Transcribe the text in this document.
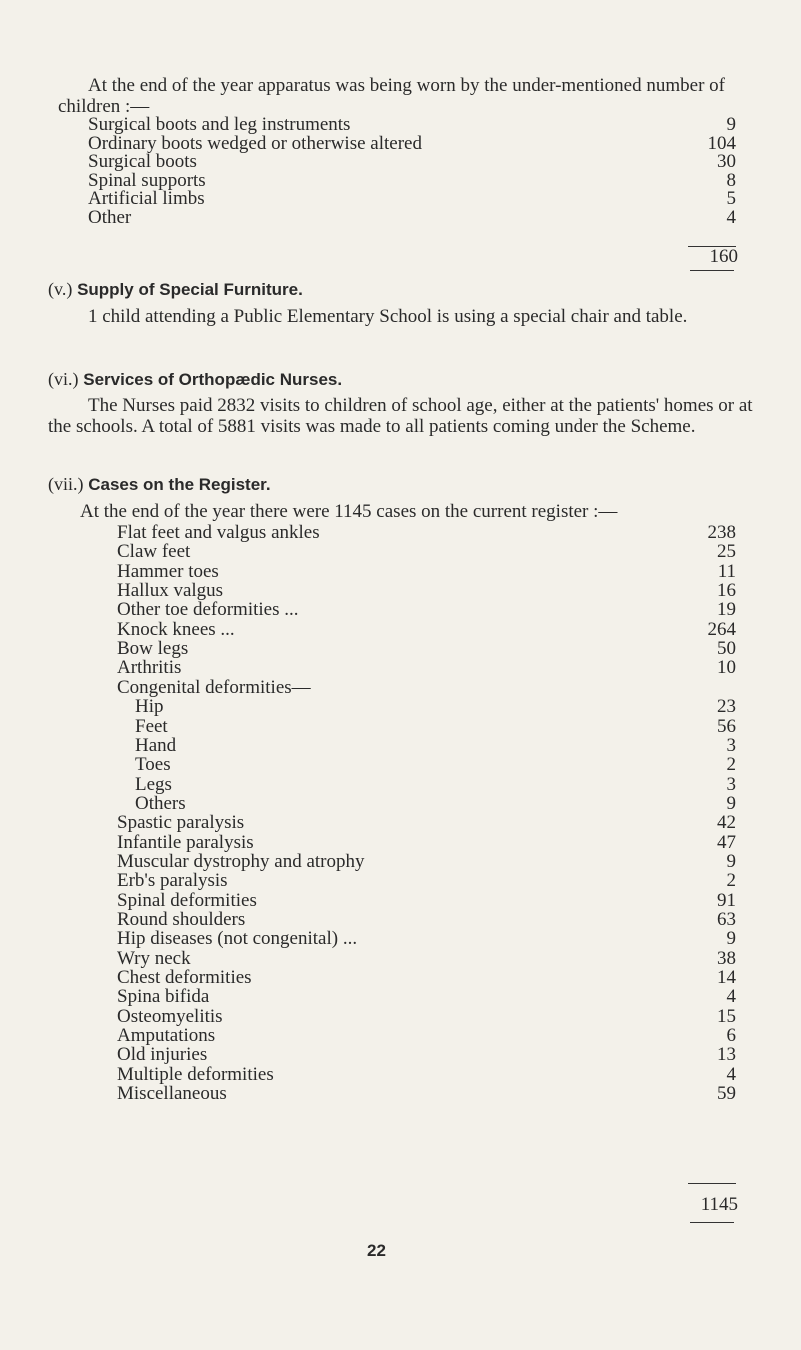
At the end of the year apparatus was being worn by the under-mentioned number of children :—
Surgical boots and leg instruments	9
Ordinary boots wedged or otherwise altered	104
Surgical boots	30
Spinal supports	8
Artificial limbs	5
Other	4
160
(v.) Supply of Special Furniture.
1 child attending a Public Elementary School is using a special chair and table.
(vi.) Services of Orthopædic Nurses.
The Nurses paid 2832 visits to children of school age, either at the patients' homes or at the schools. A total of 5881 visits was made to all patients coming under the Scheme.
(vii.) Cases on the Register.
At the end of the year there were 1145 cases on the current register :—
Flat feet and valgus ankles	238
Claw feet	25
Hammer toes	11
Hallux valgus	16
Other toe deformities ...	19
Knock knees ...	264
Bow legs	50
Arthritis	10
Congenital deformities—
Hip	23
Feet	56
Hand	3
Toes	2
Legs	3
Others	9
Spastic paralysis	42
Infantile paralysis	47
Muscular dystrophy and atrophy	9
Erb's paralysis	2
Spinal deformities	91
Round shoulders	63
Hip diseases (not congenital) ...	9
Wry neck	38
Chest deformities	14
Spina bifida	4
Osteomyelitis	15
Amputations	6
Old injuries	13
Multiple deformities	4
Miscellaneous	59
1145
22
